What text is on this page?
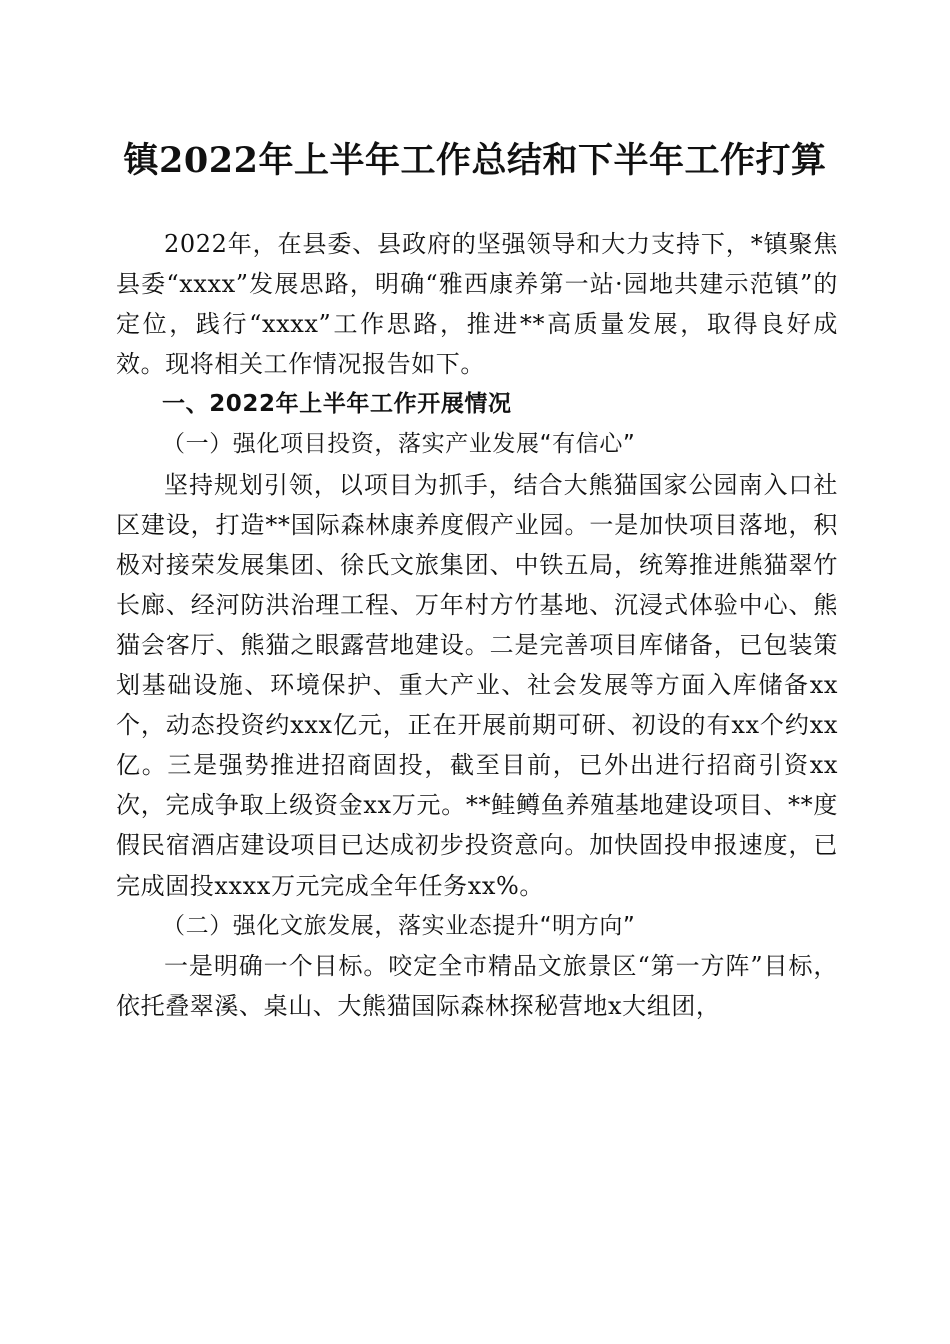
镇2022年上半年工作总结和下半年工作打算

2022年，在县委、县政府的坚强领导和大力支持下，*镇聚焦县委“xxxx”发展思路，明确“雅西康养第一站·园地共建示范镇”的定位，践行“xxxx”工作思路，推进**高质量发展，取得良好成效。现将相关工作情况报告如下。

一、2022年上半年工作开展情况

（一）强化项目投资，落实产业发展“有信心”

坚持规划引领，以项目为抓手，结合大熊猫国家公园南入口社区建设，打造**国际森林康养度假产业园。一是加快项目落地，积极对接荣发展集团、徐氏文旅集团、中铁五局，统筹推进熊猫翠竹长廊、经河防洪治理工程、万年村方竹基地、沉浸式体验中心、熊猫会客厅、熊猫之眼露营地建设。二是完善项目库储备，已包装策划基础设施、环境保护、重大产业、社会发展等方面入库储备xx个，动态投资约xxx亿元，正在开展前期可研、初设的有xx个约xx亿。三是强势推进招商固投，截至目前，已外出进行招商引资xx次，完成争取上级资金xx万元。**鲑鳟鱼养殖基地建设项目、**度假民宿酒店建设项目已达成初步投资意向。加快固投申报速度，已完成固投xxxx万元完成全年任务xx%。

（二）强化文旅发展，落实业态提升“明方向”

一是明确一个目标。咬定全市精品文旅景区“第一方阵”目标，依托叠翠溪、桌山、大熊猫国际森林探秘营地x大组团，
